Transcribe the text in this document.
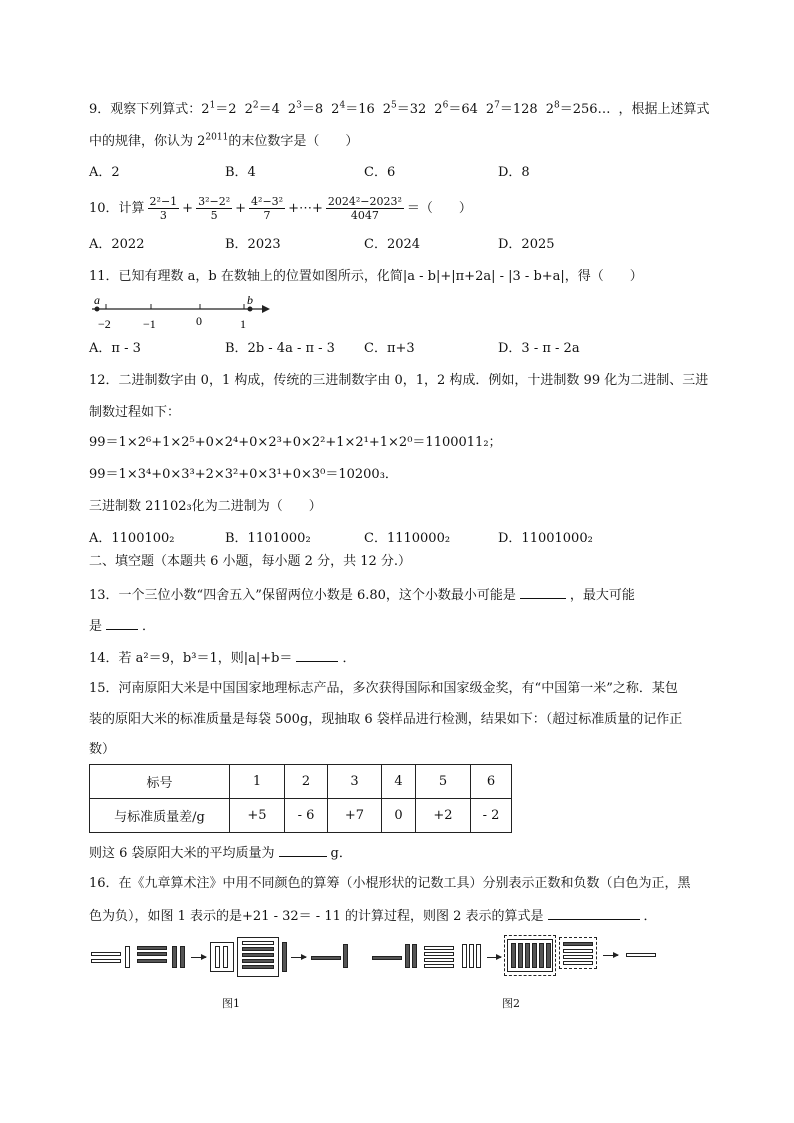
9．观察下列算式：$2^1=2$ $2^2=4$ $2^3=8$ $2^4=16$ $2^5=32$ $2^6=64$ $2^7=128$ $2^8=256\dots$ ，根据上述算式
中的规律，你认为 $2^{2011}$的末位数字是（　　）
A．2	B．4	C．6	D．8
10．计算 $\frac{\text{2²−1}}{3} + \frac{\text{3²−2²}}{5} + \frac{\text{4²−3²}}{7}$ +⋯+ $\frac{\text{2024²−2023²}}{4047}$ ＝（　　）
A．2022	B．2023	C．2024	D．2025
11．已知有理数 a，b 在数轴上的位置如图所示，化简|a - b|+|π+2a| - |3 - b+a|，得（　　）
a	b
−2	−1	0	1
A．π - 3	B．2b - 4a - π - 3 C．π+3	D．3 - π - 2a
12．二进制数字由 0，1 构成，传统的三进制数字由 0，1，2 构成．例如，十进制数 99 化为二进制、三进
制数过程如下：
99＝1×2⁶+1×2⁵+0×2⁴+0×2³+0×2²+1×2¹+1×2⁰＝1100011₂；
99＝1×3⁴+0×3³+2×3²+0×3¹+0×3⁰＝10200₃．
三进制数 21102₃化为二进制为（　　）
A．1100100₂	B．1101000₂	C．1110000₂	D．11001000₂
二、填空题（本题共 6 小题，每小题 2 分，共 12 分.）
13．一个三位小数“四舍五入”保留两位小数是 6.80，这个小数最小可能是	，最大可能
是	．
14．若 a²＝9，b³＝1，则|a|+b＝	．
15．河南原阳大米是中国国家地理标志产品，多次获得国际和国家级金奖，有“中国第一米”之称．某包
装的原阳大米的标准质量是每袋 500g，现抽取 6 袋样品进行检测，结果如下：（超过标准质量的记作正
数）
标号	1	2	3	4	5	6
与标准质量差/g	+5	- 6	+7	0	+2	- 2
则这 6 袋原阳大米的平均质量为	g．
16．在《九章算术注》中用不同颜色的算筹（小棍形状的记数工具）分别表示正数和负数（白色为正，黑
色为负），如图 1 表示的是+21 - 32＝ - 11 的计算过程，则图 2 表示的算式是	．
图1	图2
